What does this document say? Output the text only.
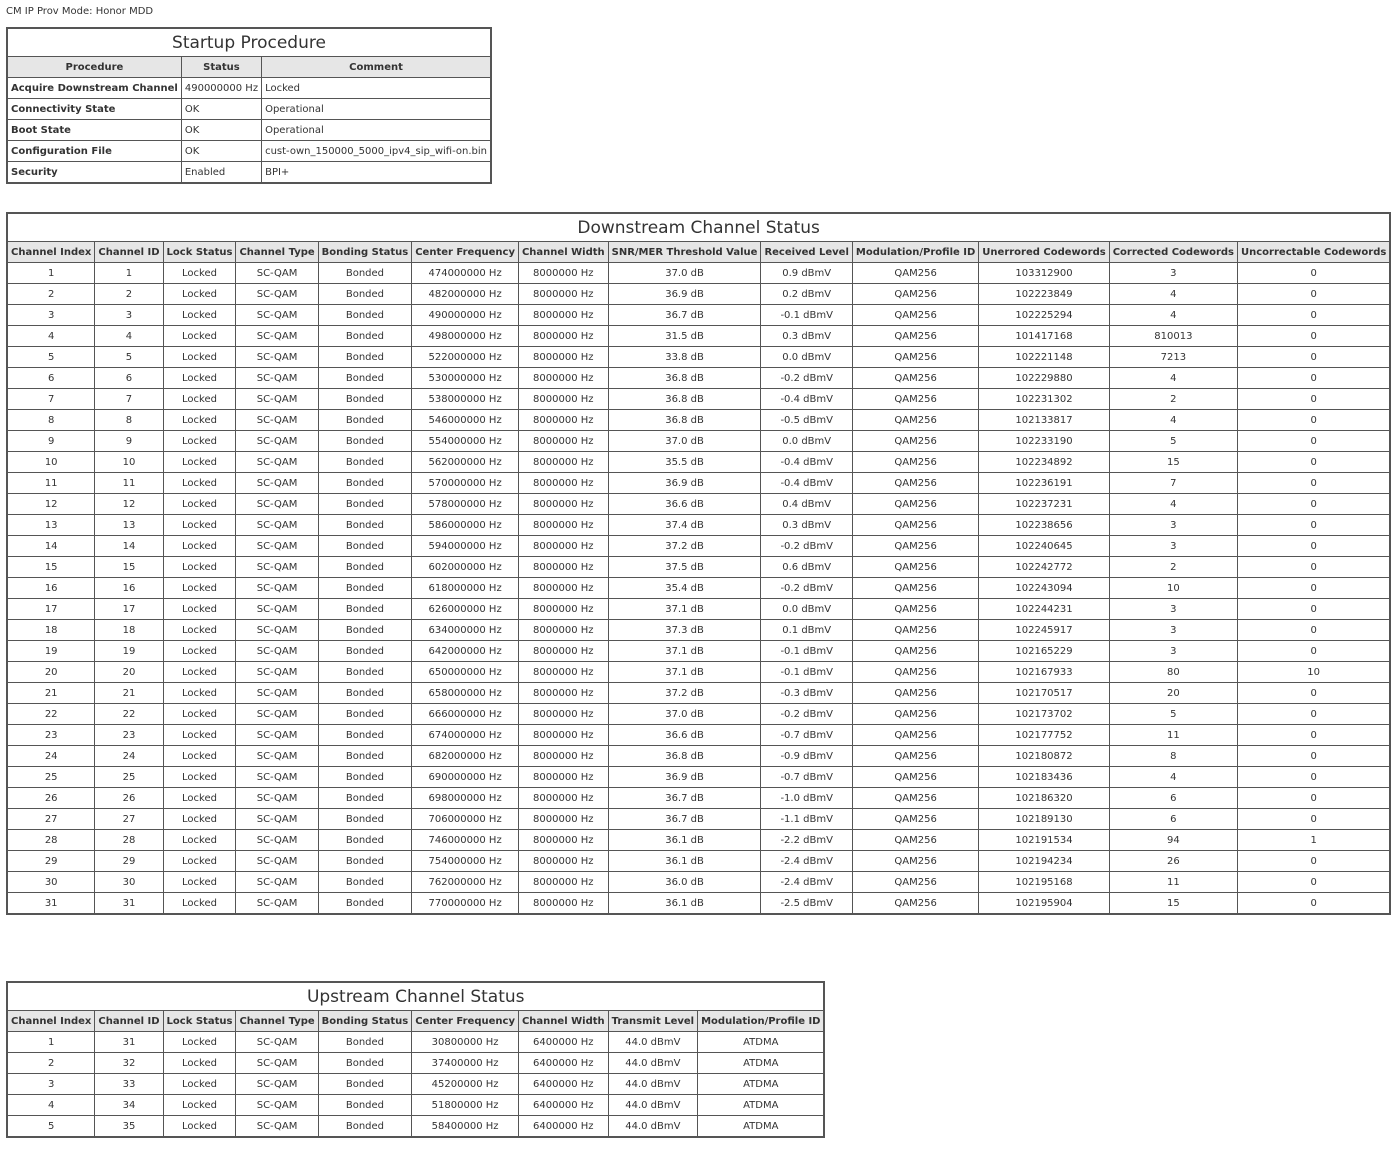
CM IP Prov Mode: Honor MDD
Startup Procedure		
Procedure	Status	Comment
Acquire Downstream Channel	490000000 Hz	Locked
Connectivity State	OK	Operational
Boot State	OK	Operational
Configuration File	OK	cust-own_150000_5000_ipv4_sip_wifi-on.bin
Security	Enabled	BPI+
Downstream Channel Status												
Channel Index	Channel ID	Lock Status	Channel Type	Bonding Status	Center Frequency	Channel Width	SNR/MER Threshold Value	Received Level	Modulation/Profile ID	Unerrored Codewords	Corrected Codewords	Uncorrectable Codewords
1	1	Locked	SC-QAM	Bonded	474000000 Hz	8000000 Hz	37.0 dB	0.9 dBmV	QAM256	103312900	3	0
2	2	Locked	SC-QAM	Bonded	482000000 Hz	8000000 Hz	36.9 dB	0.2 dBmV	QAM256	102223849	4	0
3	3	Locked	SC-QAM	Bonded	490000000 Hz	8000000 Hz	36.7 dB	-0.1 dBmV	QAM256	102225294	4	0
4	4	Locked	SC-QAM	Bonded	498000000 Hz	8000000 Hz	31.5 dB	0.3 dBmV	QAM256	101417168	810013	0
5	5	Locked	SC-QAM	Bonded	522000000 Hz	8000000 Hz	33.8 dB	0.0 dBmV	QAM256	102221148	7213	0
6	6	Locked	SC-QAM	Bonded	530000000 Hz	8000000 Hz	36.8 dB	-0.2 dBmV	QAM256	102229880	4	0
7	7	Locked	SC-QAM	Bonded	538000000 Hz	8000000 Hz	36.8 dB	-0.4 dBmV	QAM256	102231302	2	0
8	8	Locked	SC-QAM	Bonded	546000000 Hz	8000000 Hz	36.8 dB	-0.5 dBmV	QAM256	102133817	4	0
9	9	Locked	SC-QAM	Bonded	554000000 Hz	8000000 Hz	37.0 dB	0.0 dBmV	QAM256	102233190	5	0
10	10	Locked	SC-QAM	Bonded	562000000 Hz	8000000 Hz	35.5 dB	-0.4 dBmV	QAM256	102234892	15	0
11	11	Locked	SC-QAM	Bonded	570000000 Hz	8000000 Hz	36.9 dB	-0.4 dBmV	QAM256	102236191	7	0
12	12	Locked	SC-QAM	Bonded	578000000 Hz	8000000 Hz	36.6 dB	0.4 dBmV	QAM256	102237231	4	0
13	13	Locked	SC-QAM	Bonded	586000000 Hz	8000000 Hz	37.4 dB	0.3 dBmV	QAM256	102238656	3	0
14	14	Locked	SC-QAM	Bonded	594000000 Hz	8000000 Hz	37.2 dB	-0.2 dBmV	QAM256	102240645	3	0
15	15	Locked	SC-QAM	Bonded	602000000 Hz	8000000 Hz	37.5 dB	0.6 dBmV	QAM256	102242772	2	0
16	16	Locked	SC-QAM	Bonded	618000000 Hz	8000000 Hz	35.4 dB	-0.2 dBmV	QAM256	102243094	10	0
17	17	Locked	SC-QAM	Bonded	626000000 Hz	8000000 Hz	37.1 dB	0.0 dBmV	QAM256	102244231	3	0
18	18	Locked	SC-QAM	Bonded	634000000 Hz	8000000 Hz	37.3 dB	0.1 dBmV	QAM256	102245917	3	0
19	19	Locked	SC-QAM	Bonded	642000000 Hz	8000000 Hz	37.1 dB	-0.1 dBmV	QAM256	102165229	3	0
20	20	Locked	SC-QAM	Bonded	650000000 Hz	8000000 Hz	37.1 dB	-0.1 dBmV	QAM256	102167933	80	10
21	21	Locked	SC-QAM	Bonded	658000000 Hz	8000000 Hz	37.2 dB	-0.3 dBmV	QAM256	102170517	20	0
22	22	Locked	SC-QAM	Bonded	666000000 Hz	8000000 Hz	37.0 dB	-0.2 dBmV	QAM256	102173702	5	0
23	23	Locked	SC-QAM	Bonded	674000000 Hz	8000000 Hz	36.6 dB	-0.7 dBmV	QAM256	102177752	11	0
24	24	Locked	SC-QAM	Bonded	682000000 Hz	8000000 Hz	36.8 dB	-0.9 dBmV	QAM256	102180872	8	0
25	25	Locked	SC-QAM	Bonded	690000000 Hz	8000000 Hz	36.9 dB	-0.7 dBmV	QAM256	102183436	4	0
26	26	Locked	SC-QAM	Bonded	698000000 Hz	8000000 Hz	36.7 dB	-1.0 dBmV	QAM256	102186320	6	0
27	27	Locked	SC-QAM	Bonded	706000000 Hz	8000000 Hz	36.7 dB	-1.1 dBmV	QAM256	102189130	6	0
28	28	Locked	SC-QAM	Bonded	746000000 Hz	8000000 Hz	36.1 dB	-2.2 dBmV	QAM256	102191534	94	1
29	29	Locked	SC-QAM	Bonded	754000000 Hz	8000000 Hz	36.1 dB	-2.4 dBmV	QAM256	102194234	26	0
30	30	Locked	SC-QAM	Bonded	762000000 Hz	8000000 Hz	36.0 dB	-2.4 dBmV	QAM256	102195168	11	0
31	31	Locked	SC-QAM	Bonded	770000000 Hz	8000000 Hz	36.1 dB	-2.5 dBmV	QAM256	102195904	15	0
Upstream Channel Status								
Channel Index	Channel ID	Lock Status	Channel Type	Bonding Status	Center Frequency	Channel Width	Transmit Level	Modulation/Profile ID
1	31	Locked	SC-QAM	Bonded	30800000 Hz	6400000 Hz	44.0 dBmV	ATDMA
2	32	Locked	SC-QAM	Bonded	37400000 Hz	6400000 Hz	44.0 dBmV	ATDMA
3	33	Locked	SC-QAM	Bonded	45200000 Hz	6400000 Hz	44.0 dBmV	ATDMA
4	34	Locked	SC-QAM	Bonded	51800000 Hz	6400000 Hz	44.0 dBmV	ATDMA
5	35	Locked	SC-QAM	Bonded	58400000 Hz	6400000 Hz	44.0 dBmV	ATDMA
